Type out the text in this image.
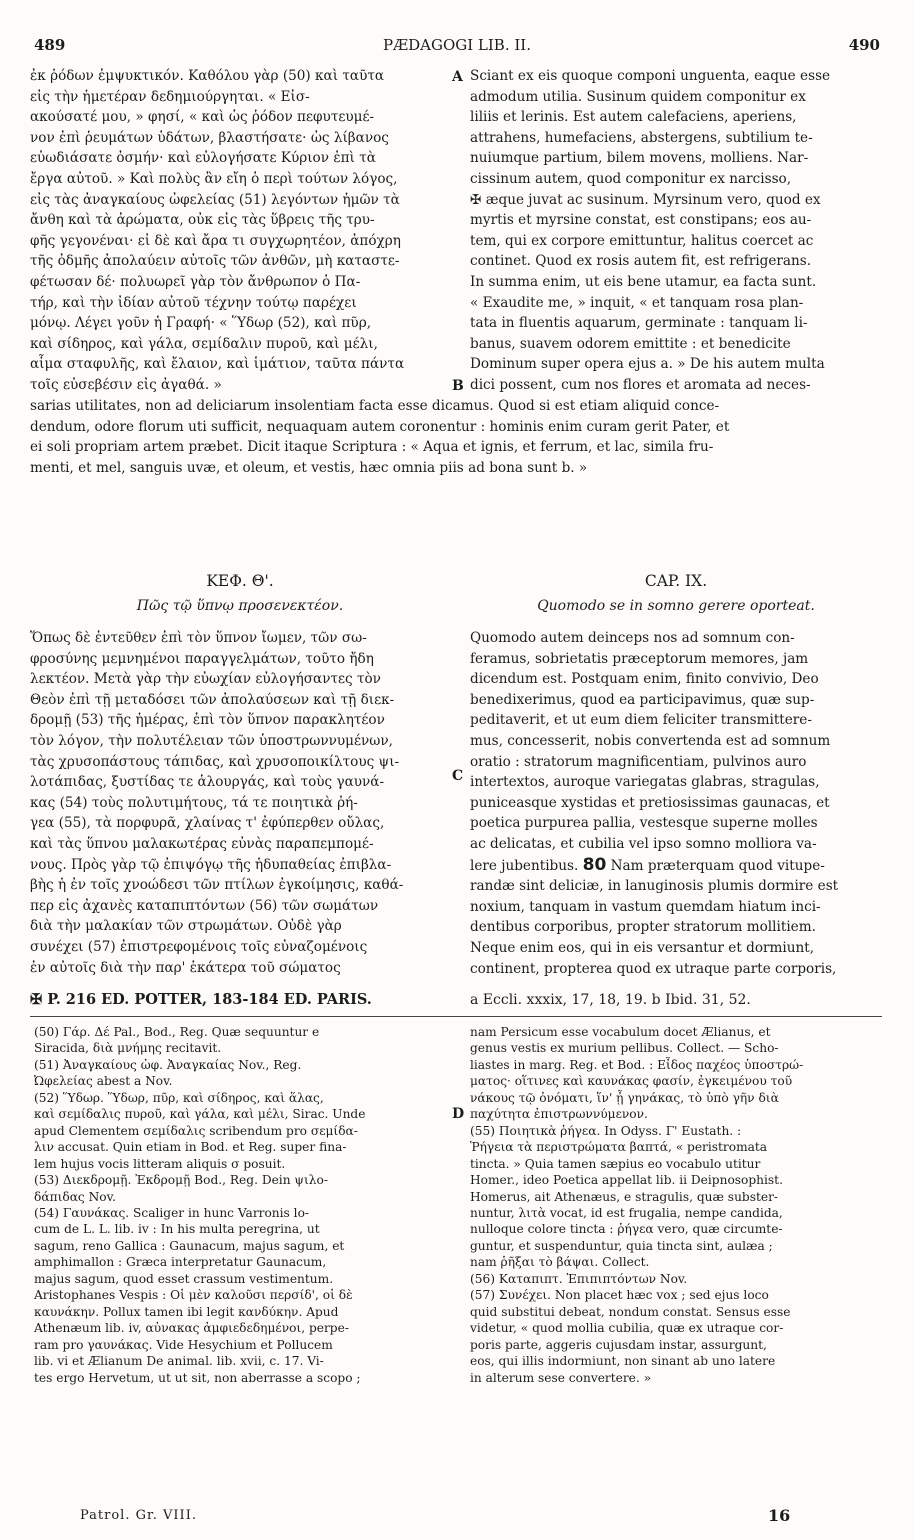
489	PÆDAGOGI LIB. II.	490
ἐκ ῥόδων ἐμψυκτικόν. Καθόλου γὰρ (50) καὶ ταῦτα
εἰς τὴν ἡμετέραν δεδημιούργηται. « Εἰσ-
ακούσατέ μου, » φησί, « καὶ ὡς ῥόδον πεφυτευμέ-
νον ἐπὶ ῥευμάτων ὑδάτων, βλαστήσατε· ὡς λίβανος
εὐωδιάσατε ὀσμήν· καὶ εὐλογήσατε Κύριον ἐπὶ τὰ
ἔργα αὐτοῦ. » Καὶ πολὺς ἂν εἴη ὁ περὶ τούτων λόγος,
εἰς τὰς ἀναγκαίους ὠφελείας (51) λεγόντων ἡμῶν τὰ
ἄνθη καὶ τὰ ἀρώματα, οὐκ εἰς τὰς ὕβρεις τῆς τρυ-
φῆς γεγονέναι· εἰ δὲ καὶ ἄρα τι συγχωρητέον, ἀπόχρη
τῆς ὀδμῆς ἀπολαύειν αὐτοῖς τῶν ἀνθῶν, μὴ καταστε-
φέτωσαν δέ· πολυωρεῖ γὰρ τὸν ἄνθρωπον ὁ Πα-
τήρ, καὶ τὴν ἰδίαν αὐτοῦ τέχνην τούτῳ παρέχει
μόνῳ. Λέγει γοῦν ἡ Γραφή· « Ὕδωρ (52), καὶ πῦρ,
καὶ σίδηρος, καὶ γάλα, σεμίδαλιν πυροῦ, καὶ μέλι,
αἷμα σταφυλῆς, καὶ ἔλαιον, καὶ ἱμάτιον, ταῦτα πάντα
τοῖς εὐσεβέσιν εἰς ἀγαθά. »
A Sciant ex eis quoque componi unguenta, eaque esse
admodum utilia. Susinum quidem componitur ex
liliis et lerinis. Est autem calefaciens, aperiens,
attrahens, humefaciens, abstergens, subtilium te-
nuiumque partium, bilem movens, molliens. Nar-
cissinum autem, quod componitur ex narcisso,
✠ æque juvat ac susinum. Myrsinum vero, quod ex
myrtis et myrsine constat, est constipans; eos au-
tem, qui ex corpore emittuntur, halitus coercet ac
continet. Quod ex rosis autem fit, est refrigerans.
In summa enim, ut eis bene utamur, ea facta sunt.
« Exaudite me, » inquit, « et tanquam rosa plan-
tata in fluentis aquarum, germinate : tanquam li-
banus, suavem odorem emittite : et benedicite
Dominum super opera ejus a. » De his autem multa
dici possent, cum nos flores et aromata ad neces-
B
sarias utilitates, non ad deliciarum insolentiam facta esse dicamus. Quod si est etiam aliquid conce-
dendum, odore florum uti sufficit, nequaquam autem coronentur : hominis enim curam gerit Pater, et
ei soli propriam artem præbet. Dicit itaque Scriptura : « Aqua et ignis, et ferrum, et lac, simila fru-
menti, et mel, sanguis uvæ, et oleum, et vestis, hæc omnia piis ad bona sunt b. »
ΚΕΦ. Θ'.
Πῶς τῷ ὕπνῳ προσενεκτέον.
CAP. IX.
Quomodo se in somno gerere oporteat.
Ὅπως δὲ ἐντεῦθεν ἐπὶ τὸν ὕπνον ἴωμεν, τῶν σω-
φροσύνης μεμνημένοι παραγγελμάτων, τοῦτο ἤδη
λεκτέον. Μετὰ γὰρ τὴν εὐωχίαν εὐλογήσαντες τὸν
Θεὸν ἐπὶ τῇ μεταδόσει τῶν ἀπολαύσεων καὶ τῇ διεκ-
δρομῇ (53) τῆς ἡμέρας, ἐπὶ τὸν ὕπνον παρακλητέον
τὸν λόγον, τὴν πολυτέλειαν τῶν ὑποστρωννυμένων,
τὰς χρυσοπάστους τάπιδας, καὶ χρυσοποικίλτους ψι-
λοτάπιδας, ξυστίδας τε ἁλουργάς, καὶ τοὺς γαυνά-
κας (54) τοὺς πολυτιμήτους, τά τε ποιητικὰ ῥή-
γεα (55), τὰ πορφυρᾶ, χλαίνας τ' ἐφύπερθεν οὔλας,
καὶ τὰς ὕπνου μαλακωτέρας εὐνὰς παραπεμπομέ-
νους. Πρὸς γὰρ τῷ ἐπιψόγῳ τῆς ἡδυπαθείας ἐπιβλα-
βὴς ἡ ἐν τοῖς χνοώδεσι τῶν πτίλων ἐγκοίμησις, καθά-
περ εἰς ἀχανὲς καταπιπτόντων (56) τῶν σωμάτων
διὰ τὴν μαλακίαν τῶν στρωμάτων. Οὐδὲ γὰρ
συνέχει (57) ἐπιστρεφομένοις τοῖς εὐναζομένοις
ἐν αὐτοῖς διὰ τὴν παρ' ἑκάτερα τοῦ σώματος
C
Quomodo autem deinceps nos ad somnum con-
feramus, sobrietatis præceptorum memores, jam
dicendum est. Postquam enim, finito convivio, Deo
benedixerimus, quod ea participavimus, quæ sup-
peditaverit, et ut eum diem feliciter transmittere-
mus, concesserit, nobis convertenda est ad somnum
oratio : stratorum magnificentiam, pulvinos auro
intertextos, auroque variegatas glabras, stragulas,
puniceasque xystidas et pretiosissimas gaunacas, et
poetica purpurea pallia, vestesque superne molles
ac delicatas, et cubilia vel ipso somno molliora va-
lere jubentibus. 80 Nam præterquam quod vitupe-
randæ sint deliciæ, in lanuginosis plumis dormire est
noxium, tanquam in vastum quemdam hiatum inci-
dentibus corporibus, propter stratorum mollitiem.
Neque enim eos, qui in eis versantur et dormiunt,
continent, propterea quod ex utraque parte corporis,
✠ P. 216 ED. POTTER, 183-184 ED. PARIS.	a Eccli. xxxix, 17, 18, 19. b Ibid. 31, 52.
(50) Γάρ. Δέ Pal., Bod., Reg. Quæ sequuntur e
Siracida, διὰ μνήμης recitavit.
(51) Ἀναγκαίους ὠφ. Ἀναγκαίας Nov., Reg.
Ὠφελείας abest a Nov.
(52) Ὕδωρ. Ὕδωρ, πῦρ, καὶ σίδηρος, καὶ ἅλας,
καὶ σεμίδαλις πυροῦ, καὶ γάλα, καὶ μέλι, Sirac. Unde
apud Clementem σεμίδαλις scribendum pro σεμίδα-
λιν accusat. Quin etiam in Bod. et Reg. super fina-
lem hujus vocis litteram aliquis σ posuit.
(53) Διεκδρομῇ. Ἐκδρομῇ Bod., Reg. Dein ψιλο-
δάπιδας Nov.
(54) Γαυνάκας. Scaliger in hunc Varronis lo-
cum de L. L. lib. iv : In his multa peregrina, ut
sagum, reno Gallica : Gaunacum, majus sagum, et
amphimallon : Græca interpretatur Gaunacum,
majus sagum, quod esset crassum vestimentum.
Aristophanes Vespis : Οἱ μὲν καλοῦσι περσίδ', οἱ δὲ
καυνάκην. Pollux tamen ibi legit κανδύκην. Apud
Athenæum lib. iv, αὐνακας ἀμφιεδεδημένοι, perpe-
ram pro γαυνάκας. Vide Hesychium et Pollucem
lib. vi et Ælianum De animal. lib. xvii, c. 17. Vi-
tes ergo Hervetum, ut ut sit, non aberrasse a scopo ;
D
nam Persicum esse vocabulum docet Ælianus, et
genus vestis ex murium pellibus. Collect. — Scho-
liastes in marg. Reg. et Bod. : Εἶδος παχέος ὑποστρώ-
ματος· οἵτινες καὶ καυνάκας φασίν, ἐγκειμένου τοῦ
νάκους τῷ ὀνόματι, ἵν' ᾖ γηνάκας, τὸ ὑπὸ γῆν διὰ
παχύτητα ἐπιστρωννύμενον.
(55) Ποιητικὰ ῥήγεα. In Odyss. Γ' Eustath. :
Ῥήγεια τὰ περιστρώματα βαπτά, « peristromata
tincta. » Quia tamen sæpius eo vocabulo utitur
Homer., ideo Poetica appellat lib. ii Deipnosophist.
Homerus, ait Athenæus, e stragulis, quæ subster-
nuntur, λιτὰ vocat, id est frugalia, nempe candida,
nulloque colore tincta : ῥήγεα vero, quæ circumte-
guntur, et suspenduntur, quia tincta sint, aulæa ;
nam ῥῆξαι τὸ βάψαι. Collect.
(56) Καταπιπτ. Ἐπιπιπτόντων Nov.
(57) Συνέχει. Non placet hæc vox ; sed ejus loco
quid substitui debeat, nondum constat. Sensus esse
videtur, « quod mollia cubilia, quæ ex utraque cor-
poris parte, aggeris cujusdam instar, assurgunt,
eos, qui illis indormiunt, non sinant ab uno latere
in alterum sese convertere. »
Patrol. Gr. VIII.	16
